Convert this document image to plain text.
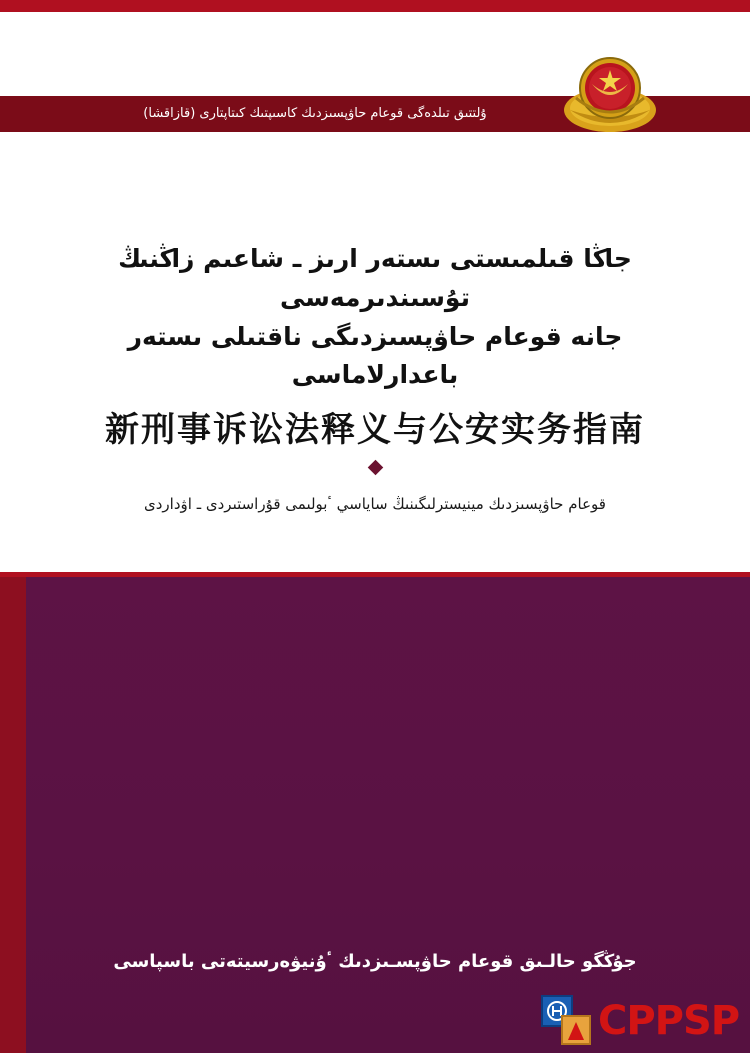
ۇلتتىق تىلدەگى قوعام حاۋپسىزدىك كاسىپتىك كىتاپتارى (قازاقشا)
جاڭا قىلمىستى ىستەر ارىز ـ شاعىم زاڭنىڭ تۇسىندىرمەسى
جانە قوعام حاۋپسىزدىگى ناقتىلى ىستەر باعدارلاماسى
新刑事诉讼法释义与公安实务指南
قوعام حاۋپسىزدىك مينيسترلىگىنىڭ ساياسي ٴبولىمى قۇراستىردى ـ اۋداردى
جۇڭگو حالـىق قوعام حاۋپسـىزدىك ٴۇنيۋەرسيتەتى باسپاسى
CPPSP
